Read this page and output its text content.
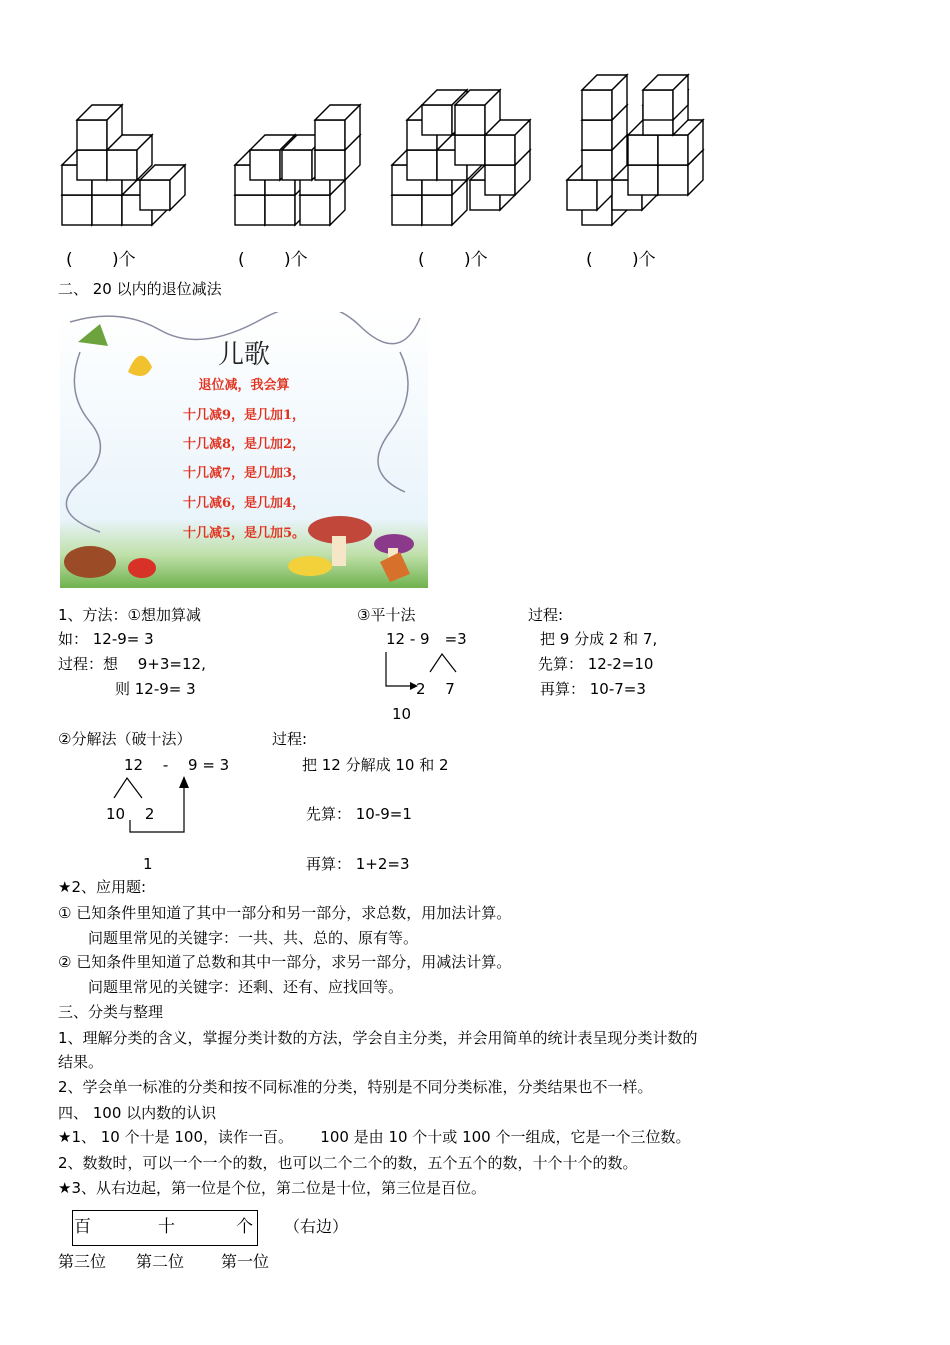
(　　 )个	(　　 )个	(　　 )个	(　　 )个
二、 20 以内的退位减法
儿歌
退位减，我会算
十几减9，是几加1，
十几减8，是几加2，
十几减7，是几加3，
十几减6，是几加4，
十几减5，是几加5。
1、方法：①想加算减
如： 12-9= 3
过程：想　 9+3=12,
则 12-9= 3
③平十法
12 - 9　=3
2　 7
10
过程:
把 9 分成 2 和 7,
先算： 12-2=10
再算： 10-7=3
②分解法（破十法）	过程:
12　 -　 9 = 3
10　 2
1
把 12 分解成 10 和 2
先算： 10-9=1
再算： 1+2=3
★2、应用题:
① 已知条件里知道了其中一部分和另一部分，求总数，用加法计算。
问题里常见的关键字：一共、共、总的、原有等。
② 已知条件里知道了总数和其中一部分，求另一部分，用减法计算。
问题里常见的关键字：还剩、还有、应找回等。
三、分类与整理
1、理解分类的含义，掌握分类计数的方法，学会自主分类，并会用简单的统计表呈现分类计数的
结果。
2、学会单一标准的分类和按不同标准的分类，特别是不同分类标准，分类结果也不一样。
四、 100 以内数的认识
★1、 10 个十是 100，读作一百。　　 100 是由 10 个十或 100 个一组成，它是一个三位数。
2、数数时，可以一个一个的数，也可以二个二个的数，五个五个的数，十个十个的数。
★3、从右边起，第一位是个位，第二位是十位，第三位是百位。
百	十	个 （右边）
第三位 第二位 第一位
